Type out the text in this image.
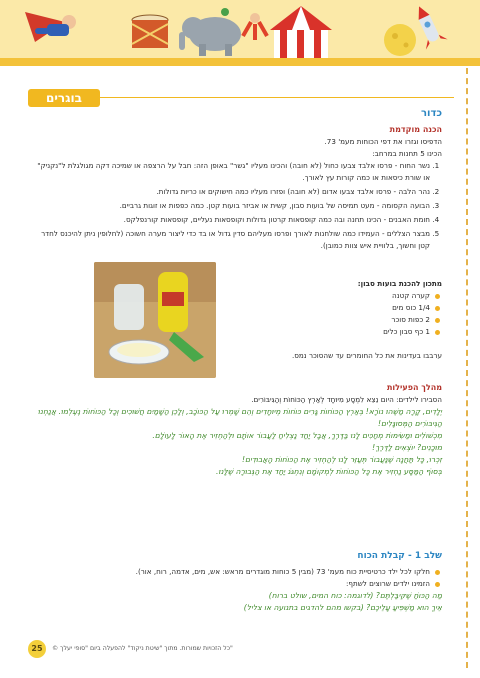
בוגרים
כדור
הכנה מוקדמת
הדפיסו וגזרו את דפי הכוחות מעמ' 73.
הכינו 5 תחנות במרחב:
1. נשר החוח - פרסו אלבד צבעו כחול (לא חובה) והכינו מעליו "גשר" באופן הזה: חבל על הרצפה או שמיכה דקה מגולגלת ל"נקניק" או שורת כיסאות או כמה קורות עץ לאורך.
2. נהר הלבה - פרסו אלבד צבעו אדום (לא חובה) ופזרו מעליו כמה חישוקים או כריות גדולות.
3. הבועה הקסומה - מעט תמיסה של בועות סבון, קשית או אביזר בועות קטן. כמה כפפות או זוגות גרביים.
4. חומת האבנים - הכינו תחנה ובה כמה קופסאות קרטון גדולות וקופסאות נעליים, קופסאות קורנפלקס.
5. מבצר הצללים - העמידו כמה שולחנות לאורך ופרסו מעליהם סדין גדול או בד כדי ליצור מערה חשוכה (לחלופין ניתן להיכנס לחדר קטן וחשוך, בלוויית איש צוות כמובן).
מתכון להכנת בועות סבון:
קערה קטנה
1/4 כוס מים
2 כפות סוכר
1 כף סבון כלים
ערבבו בעדינות את כל החומרים עד שהסוכר נמס.
מהלך הפעילות
הסבירו לילדים: היום נֵצֵא לִמְסָע מִיוּחָד לְאַרְץ הַכּוֹחוֹת וְהַגִּיבּוֹרִים.
יְלָדִים, קָרָה מַשֶּׁהוּ נוֹרָא! בְּאַרְץ הַכּוֹחוֹת גָּרִים כּוֹחוֹת מְיוּחָדִים וְהֵם שָׁמְרוּ עַל הַכּוֹכָב, וְלָכֵן הַשָּׁמַיִם חֲשׁוּכִים וְכָל הַכּוֹחוֹת נֶעֶלְמוּ. אֲנַחְנוּ הַגִּיבּוֹרִים הַמְּסוּגָּלִים!
מִכְשׁוֹלִים וּמַשִּׂימוֹת מְחַכִּים לָנוּ בַּדֶּרֶךְ, אֲבָל יַחַד נַצְלִיחַ לַעֲבוֹר אוֹתָם וּלְהַחְזִיר אֶת הָאוֹר לָעוֹלָם.
מוּכָנִים? יוֹצְאִים לַדֶּרֶךְ!
זִכְרוּ, כָּל תַּחֲנָה שֶׁנַּעֲבוֹר תְּעַזֵּר לָנוּ לְהַחְזִיר אֶת הַכּוֹחוֹת הָאֲבוּדִים!
בְּסוֹף הַמַּסָּע נַחְזִיר אֶת כָּל הַכּוֹחוֹת לְמְקוֹמָם וְנִחְגֹּג יַחַד אֶת הַגְּבוּרָה שֶׁלָּנוּ.
שלב 1 - קבלת הכוח
חלקו לכל ילד כרטיסיית כוח מעמ' 73 (מבין 5 כוחות מוגדרים מראש: אש, מים, אדמה, רוח, אור).
הזמינו ילדים שרוצים לשתף:
מַה הַכּוֹחַ שֶׁקִּיבַּלְתֶּם? (לדוגמה: כוח המים, שולט ברוח)
אֵיךְ הוּא מַשְׁפִּיעַ עָלֵיכֶם? (בקשו מהם להדגים בתנועה או צליל)
25	© כל הזכויות שמורות. מתוך "שיטת ניקוד" להפעלה ביום "סופי יעלך"
